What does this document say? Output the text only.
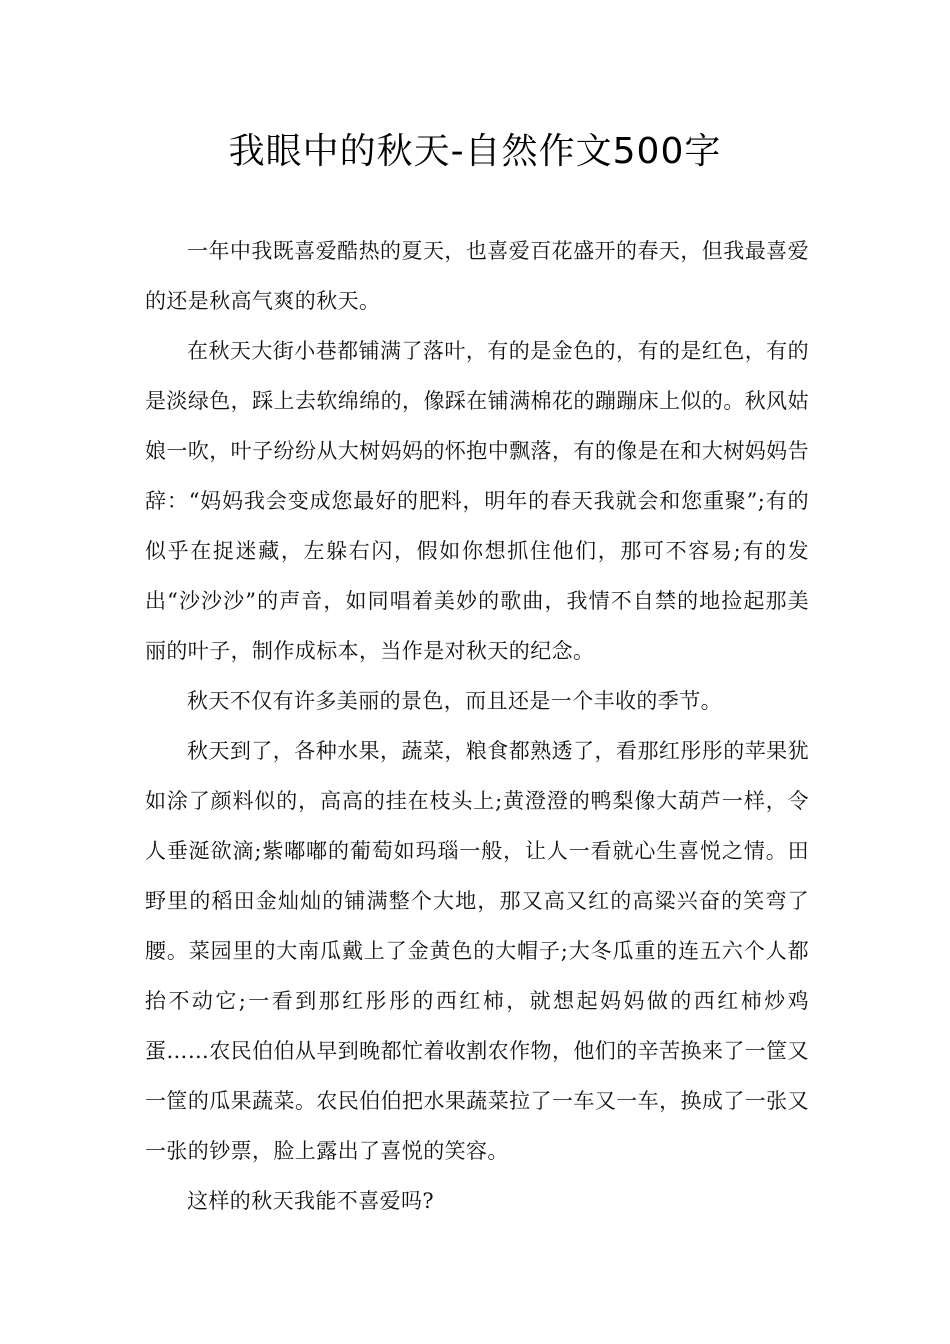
我眼中的秋天-自然作文500字

一年中我既喜爱酷热的夏天，也喜爱百花盛开的春天，但我最喜爱的还是秋高气爽的秋天。

在秋天大街小巷都铺满了落叶，有的是金色的，有的是红色，有的是淡绿色，踩上去软绵绵的，像踩在铺满棉花的蹦蹦床上似的。秋风姑娘一吹，叶子纷纷从大树妈妈的怀抱中飘落，有的像是在和大树妈妈告辞：“妈妈我会变成您最好的肥料，明年的春天我就会和您重聚”;有的似乎在捉迷藏，左躲右闪，假如你想抓住他们，那可不容易;有的发出“沙沙沙”的声音，如同唱着美妙的歌曲，我情不自禁的地捡起那美丽的叶子，制作成标本，当作是对秋天的纪念。

秋天不仅有许多美丽的景色，而且还是一个丰收的季节。

秋天到了，各种水果，蔬菜，粮食都熟透了，看那红彤彤的苹果犹如涂了颜料似的，高高的挂在枝头上;黄澄澄的鸭梨像大葫芦一样，令人垂涎欲滴;紫嘟嘟的葡萄如玛瑙一般，让人一看就心生喜悦之情。田野里的稻田金灿灿的铺满整个大地，那又高又红的高粱兴奋的笑弯了腰。菜园里的大南瓜戴上了金黄色的大帽子;大冬瓜重的连五六个人都抬不动它;一看到那红彤彤的西红柿，就想起妈妈做的西红柿炒鸡蛋……农民伯伯从早到晚都忙着收割农作物，他们的辛苦换来了一筐又一筐的瓜果蔬菜。农民伯伯把水果蔬菜拉了一车又一车，换成了一张又一张的钞票，脸上露出了喜悦的笑容。

这样的秋天我能不喜爱吗?
